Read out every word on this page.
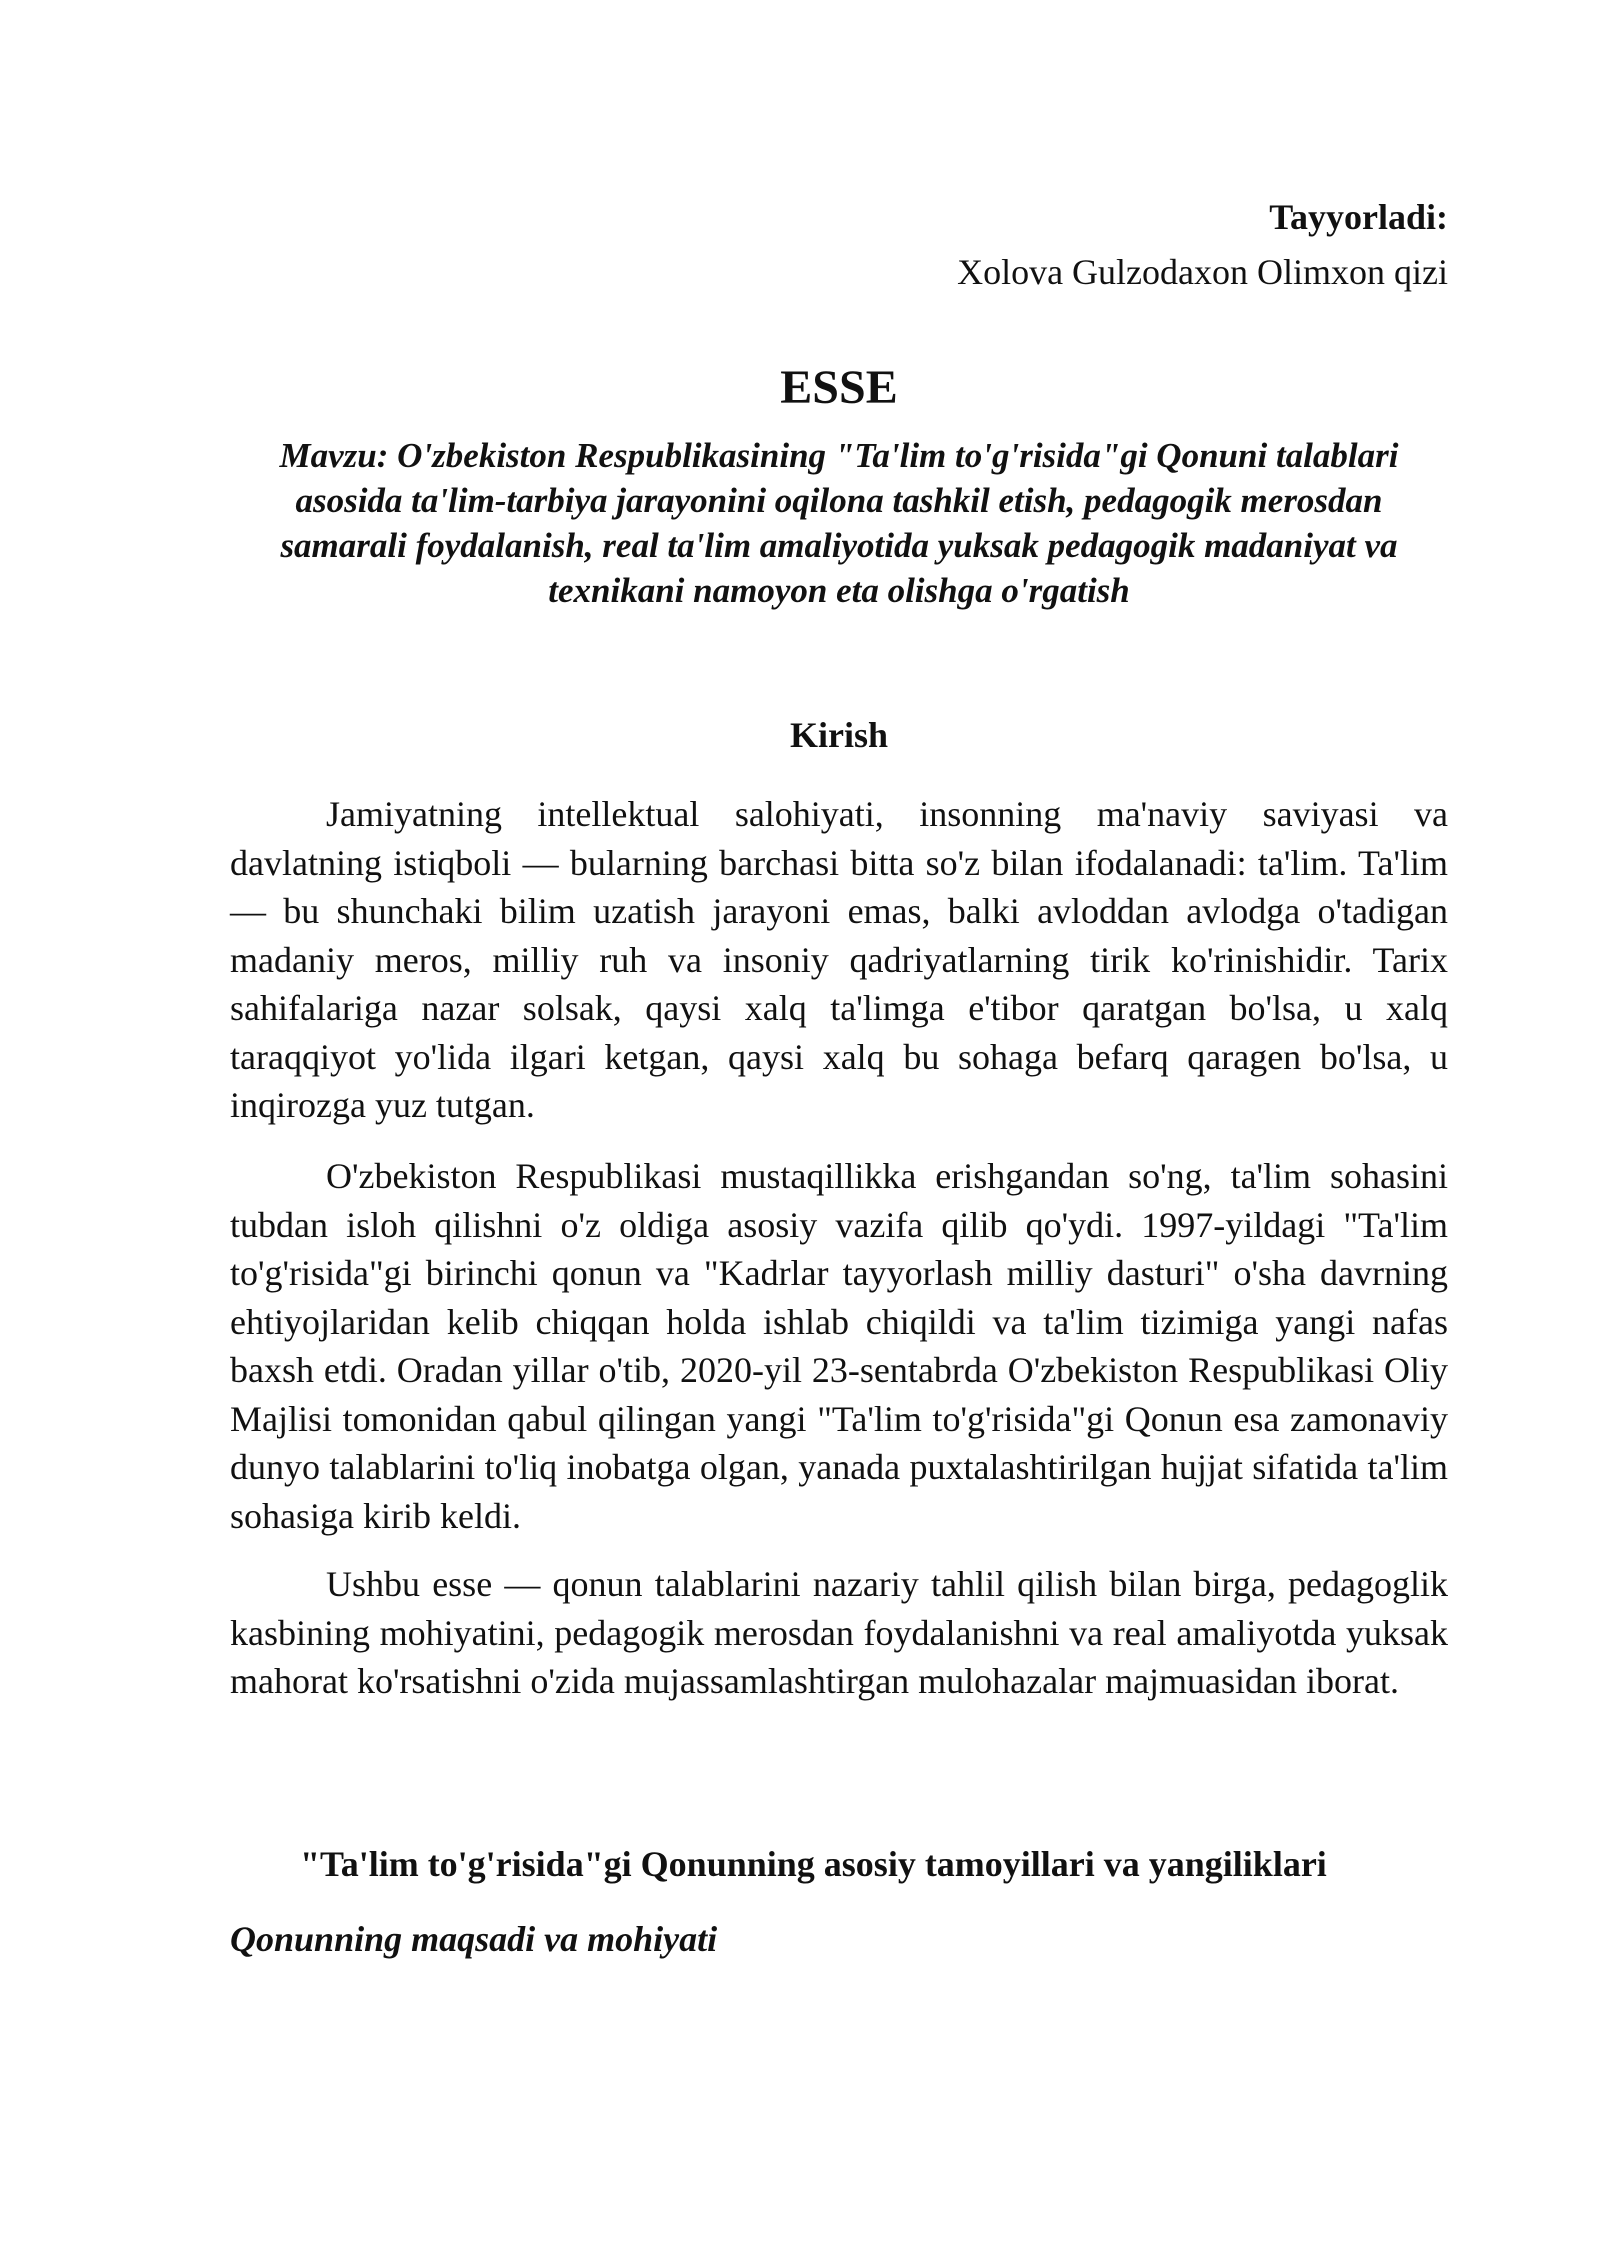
Tayyorladi:
Xolova Gulzodaxon Olimxon qizi
ESSE
Mavzu: O'zbekiston Respublikasining "Ta'lim to'g'risida"gi Qonuni talablari asosida ta'lim-tarbiya jarayonini oqilona tashkil etish, pedagogik merosdan samarali foydalanish, real ta'lim amaliyotida yuksak pedagogik madaniyat va texnikani namoyon eta olishga o'rgatish
Kirish

Jamiyatning intellektual salohiyati, insonning ma'naviy saviyasi va davlatning istiqboli — bularning barchasi bitta so'z bilan ifodalanadi: ta'lim. Ta'lim — bu shunchaki bilim uzatish jarayoni emas, balki avloddan avlodga o'tadigan madaniy meros, milliy ruh va insoniy qadriyatlarning tirik ko'rinishidir. Tarix sahifalariga nazar solsak, qaysi xalq ta'limga e'tibor qaratgan bo'lsa, u xalq taraqqiyot yo'lida ilgari ketgan, qaysi xalq bu sohaga befarq qaragen bo'lsa, u inqirozga yuz tutgan.

O'zbekiston Respublikasi mustaqillikka erishgandan so'ng, ta'lim sohasini tubdan isloh qilishni o'z oldiga asosiy vazifa qilib qo'ydi. 1997-yildagi "Ta'lim to'g'risida"gi birinchi qonun va "Kadrlar tayyorlash milliy dasturi" o'sha davrning ehtiyojlaridan kelib chiqqan holda ishlab chiqildi va ta'lim tizimiga yangi nafas baxsh etdi. Oradan yillar o'tib, 2020-yil 23-sentabrda O'zbekiston Respublikasi Oliy Majlisi tomonidan qabul qilingan yangi "Ta'lim to'g'risida"gi Qonun esa zamonaviy dunyo talablarini to'liq inobatga olgan, yanada puxtalashtirilgan hujjat sifatida ta'lim sohasiga kirib keldi.

Ushbu esse — qonun talablarini nazariy tahlil qilish bilan birga, pedagoglik kasbining mohiyatini, pedagogik merosdan foydalanishni va real amaliyotda yuksak mahorat ko'rsatishni o'zida mujassamlashtirgan mulohazalar majmuasidan iborat.

"Ta'lim to'g'risida"gi Qonunning asosiy tamoyillari va yangiliklari
Qonunning maqsadi va mohiyati
